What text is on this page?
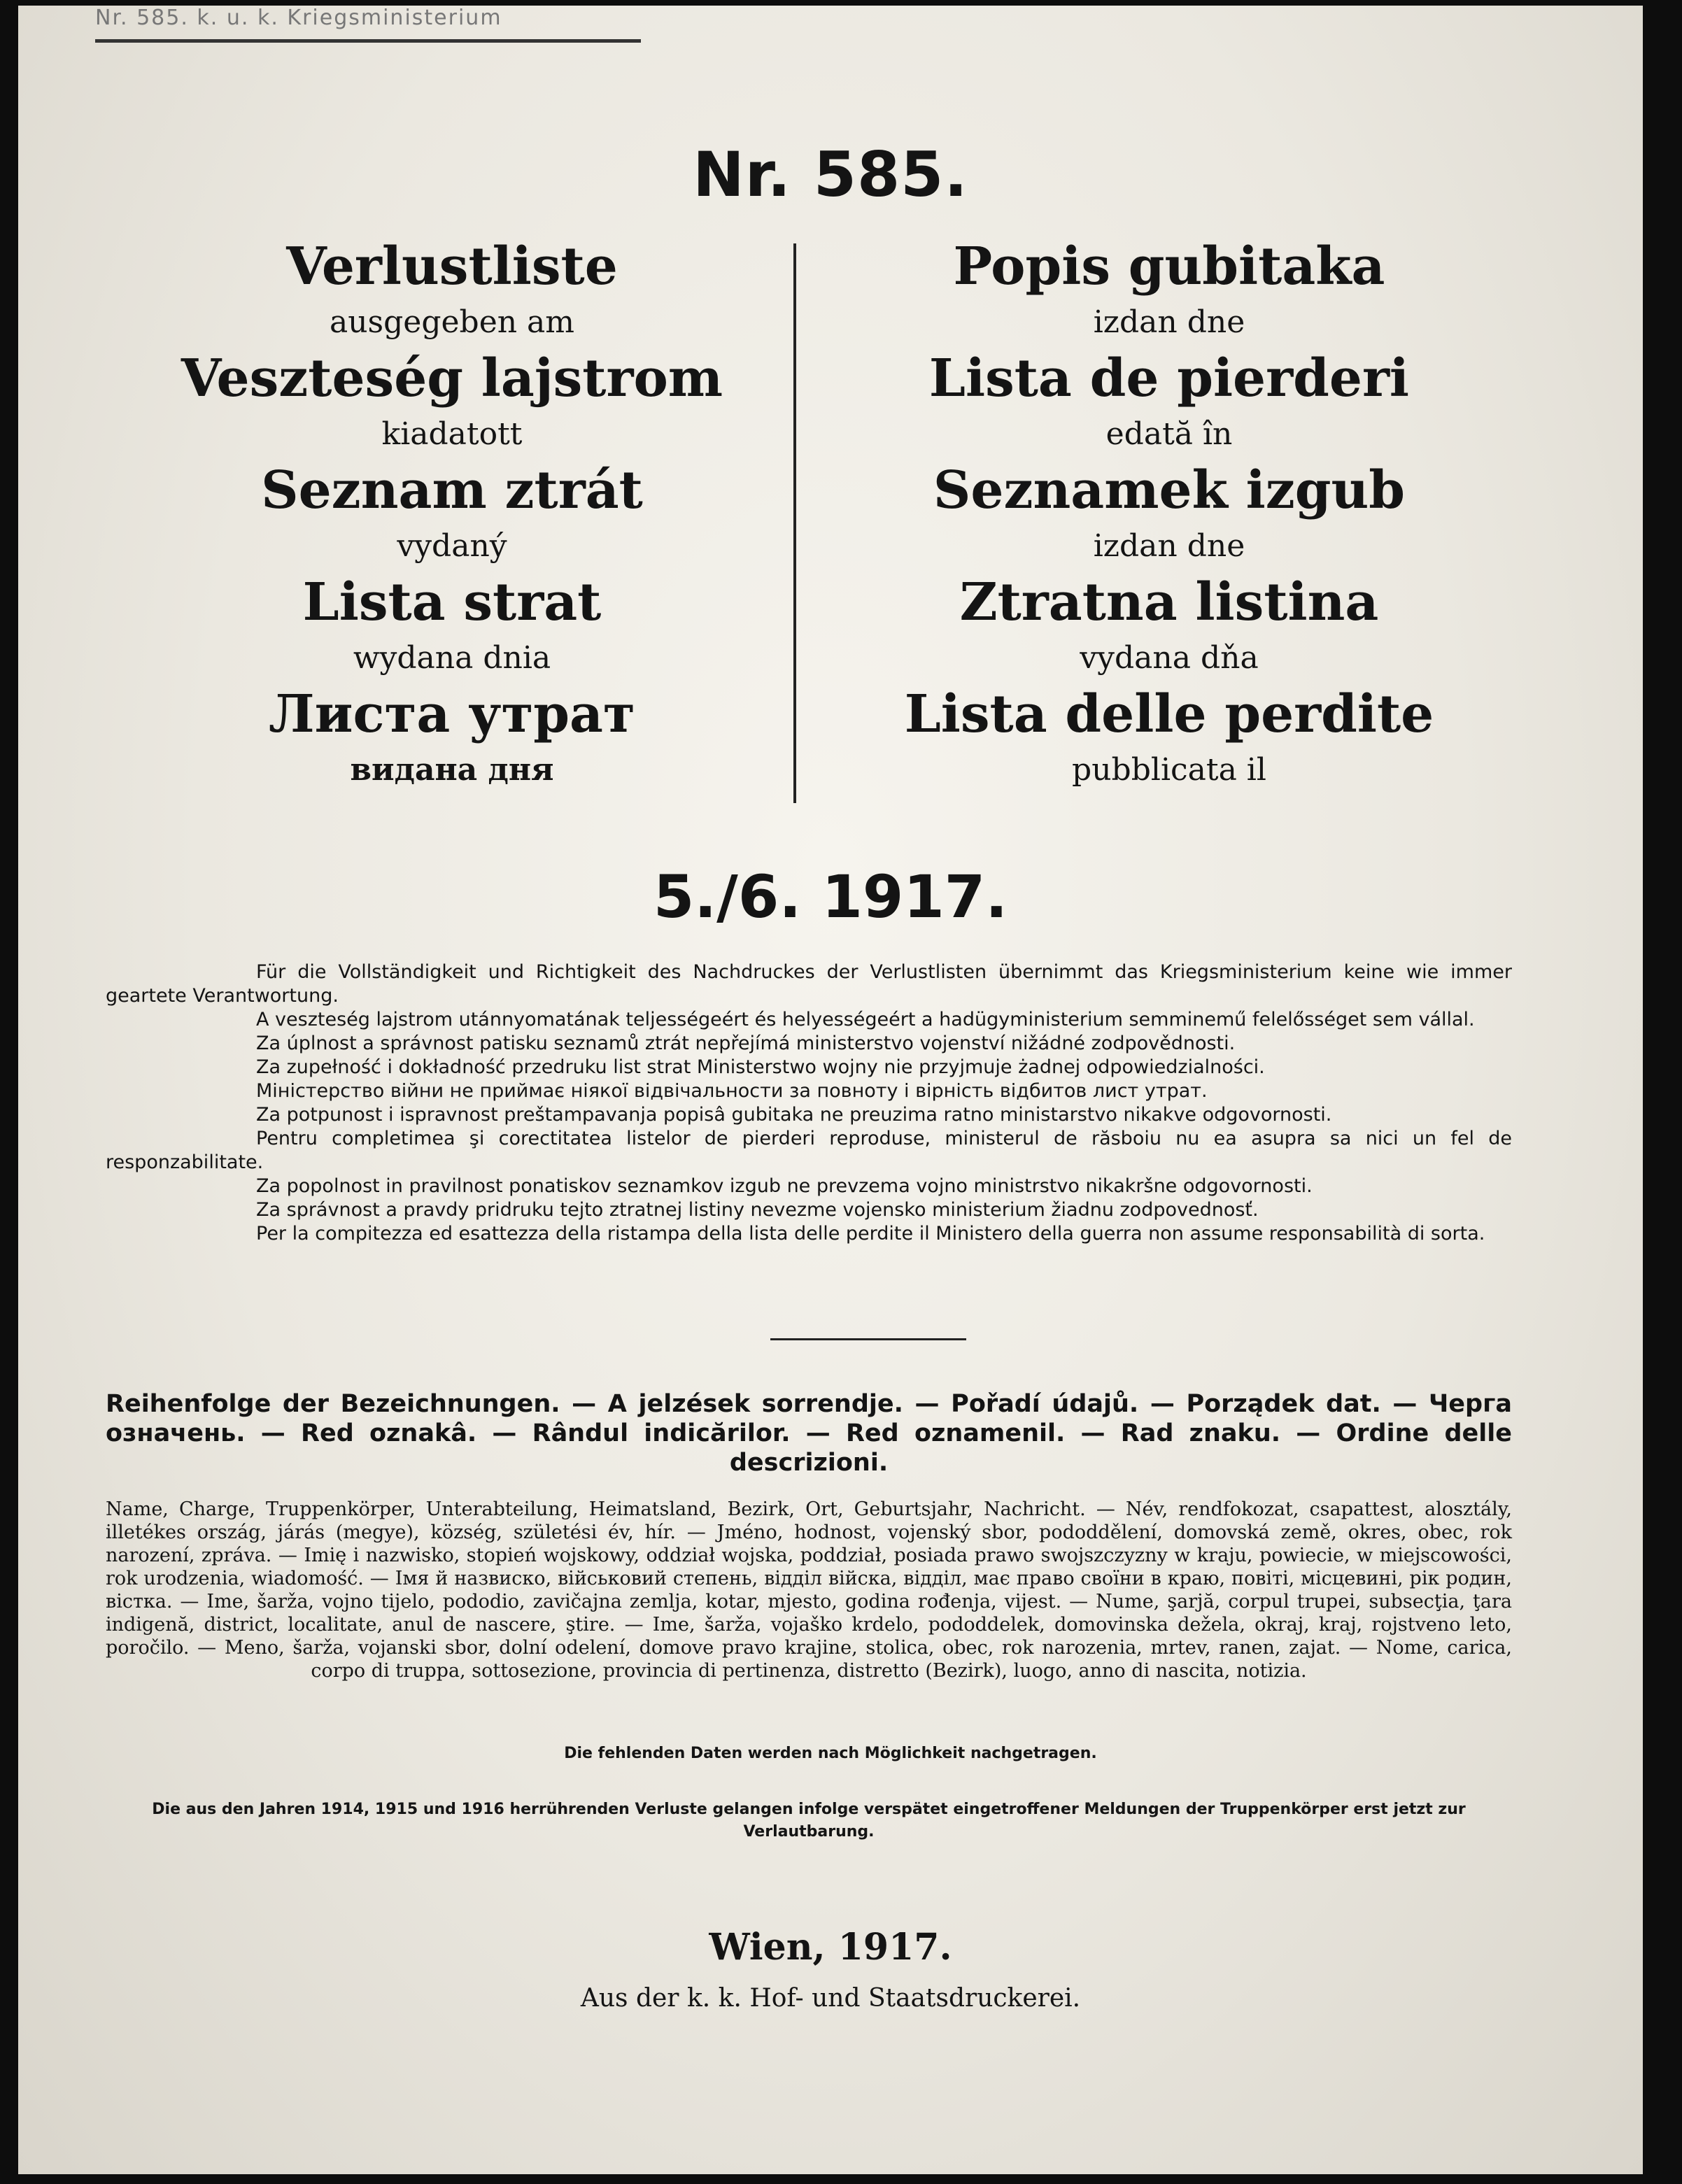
Nr. 585. k. u. k. Kriegsministerium
Nr. 585.
Verlustliste
ausgegeben am
Veszteség lajstrom
kiadatott
Seznam ztrát
vydaný
Lista strat
wydana dnia
Листа утрат
видана дня
Popis gubitaka
izdan dne
Lista de pierderi
edată în
Seznamek izgub
izdan dne
Ztratna listina
vydana dňa
Lista delle perdite
pubblicata il
5./6. 1917.

Für die Vollständigkeit und Richtigkeit des Nachdruckes der Verlustlisten übernimmt das Kriegsministerium keine wie immer geartete Verantwortung.

A veszteség lajstrom utánnyomatának teljességeért és helyességeért a hadügyministerium semminemű felelősséget sem vállal.

Za úplnost a správnost patisku seznamů ztrát nepřejímá ministerstvo vojenství nižádné zodpovědnosti.

Za zupełność i dokładność przedruku list strat Ministerstwo wojny nie przyjmuje żadnej odpowiedzialności.

Міністерство війни не приймає ніякої відвічальности за повноту і вірність відбитов лист утрат.

Za potpunost i ispravnost preštampavanja popisâ gubitaka ne preuzima ratno ministarstvo nikakve odgovornosti.

Pentru completimea şi corectitatea listelor de pierderi reproduse, ministerul de răsboiu nu ea asupra sa nici un fel de responzabilitate.

Za popolnost in pravilnost ponatiskov seznamkov izgub ne prevzema vojno ministrstvo nikakršne odgovornosti.

Za správnost a pravdy pridruku tejto ztratnej listiny nevezme vojensko ministerium žiadnu zodpovednosť.

Per la compitezza ed esattezza della ristampa della lista delle perdite il Ministero della guerra non assume responsabilità di sorta.

Reihenfolge der Bezeichnungen. — A jelzések sorrendje. — Pořadí údajů. — Porządek dat. — Черга означень. — Red oznakâ. — Rândul indicărilor. — Red oznamenil. — Rad znaku. — Ordine delle descrizioni.
Name, Charge, Truppenkörper, Unterabteilung, Heimatsland, Bezirk, Ort, Geburtsjahr, Nachricht. — Név, rendfokozat, csapattest, alosztály, illetékes ország, járás (megye), község, születési év, hír. — Jméno, hodnost, vojenský sbor, pododdělení, domovská země, okres, obec, rok narození, zpráva. — Imię i nazwisko, stopień wojskowy, oddział wojska, poddział, posiada prawo swojszczyzny w kraju, powiecie, w miejscowości, rok urodzenia, wiadomość. — Імя й назвиско, військовий степень, відділ війска, відділ, має право своїни в краю, повіті, місцевині, рік родин, вістка. — Ime, šarža, vojno tijelo, pododio, zavičajna zemlja, kotar, mjesto, godina rođenja, vijest. — Nume, şarjă, corpul trupei, subsecţia, ţara indigenă, district, localitate, anul de nascere, ştire. — Ime, šarža, vojaško krdelo, pododdelek, domovinska dežela, okraj, kraj, rojstveno leto, poročilo. — Meno, šarža, vojanski sbor, dolní odelení, domove pravo krajine, stolica, obec, rok narozenia, mrtev, ranen, zajat. — Nome, carica, corpo di truppa, sottosezione, provincia di pertinenza, distretto (Bezirk), luogo, anno di nascita, notizia.
Die fehlenden Daten werden nach Möglichkeit nachgetragen.
Die aus den Jahren 1914, 1915 und 1916 herrührenden Verluste gelangen infolge verspätet eingetroffener Meldungen der Truppenkörper erst jetzt zur Verlautbarung.
Wien, 1917.
Aus der k. k. Hof- und Staatsdruckerei.
